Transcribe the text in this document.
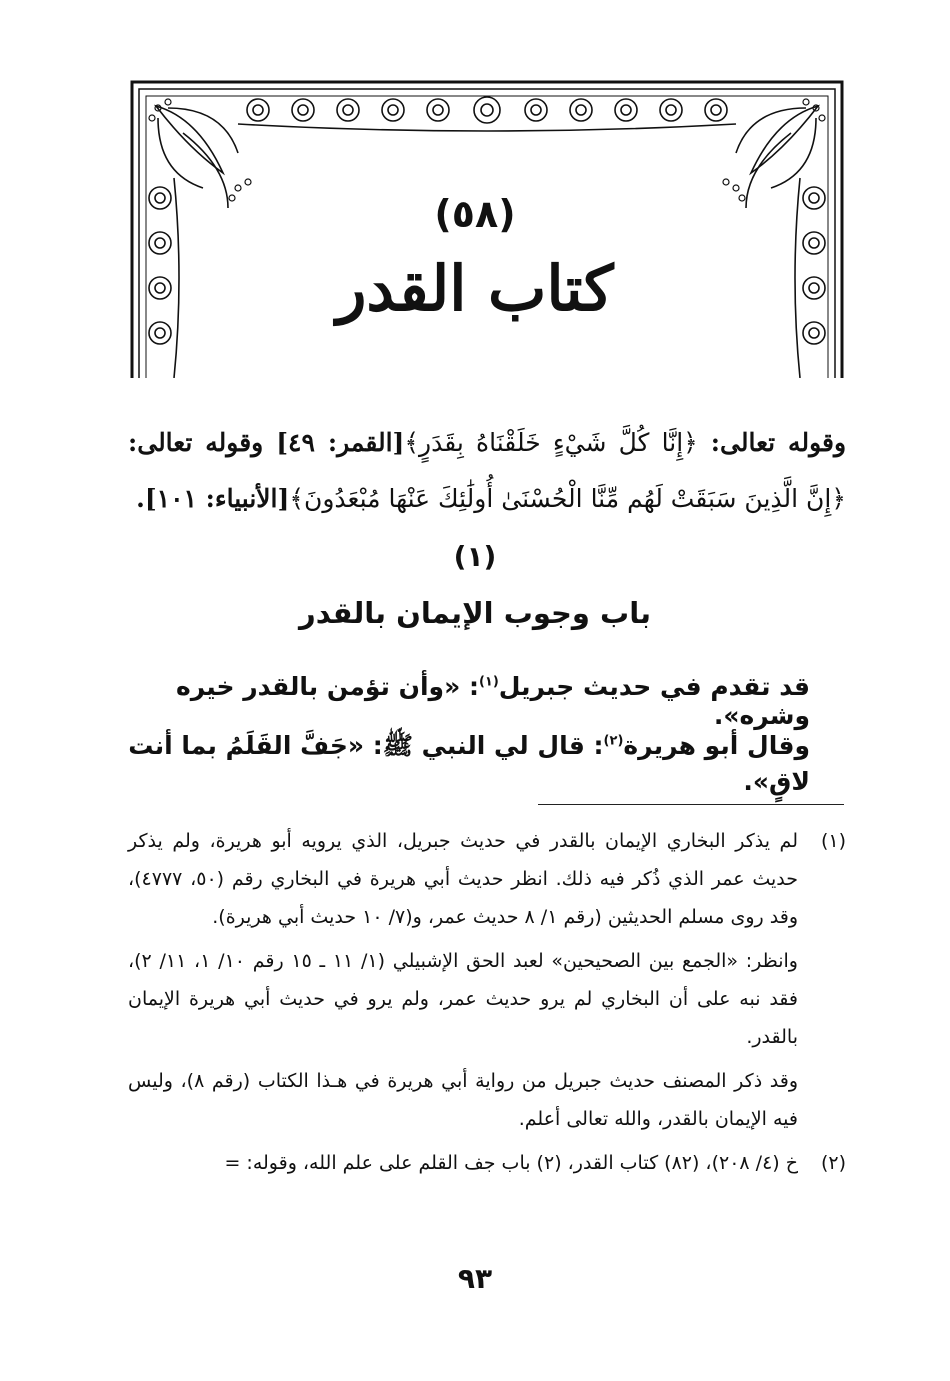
(٥٨)
كتاب القدر
وقوله تعالى: ﴿إِنَّا كُلَّ شَيْءٍ خَلَقْنَاهُ بِقَدَرٍ﴾[القمر: ٤٩] وقوله تعالى: ﴿إِنَّ الَّذِينَ سَبَقَتْ لَهُم مِّنَّا الْحُسْنَىٰ أُولَٰئِكَ عَنْهَا مُبْعَدُونَ﴾[الأنبياء: ١٠١].
(١)
باب وجوب الإيمان بالقدر
قد تقدم في حديث جبريل$^{(١)}$: «وأن تؤمن بالقدر خيره وشره».
وقال أبو هريرة$^{(٢)}$: قال لي النبي ﷺ: «جَفَّ القَلَمُ بما أنت لاقٍ».
(١)

لم يذكر البخاري الإيمان بالقدر في حديث جبريل، الذي يرويه أبو هريرة، ولم يذكر حديث عمر الذي ذُكر فيه ذلك. انظر حديث أبي هريرة في البخاري رقم (٥٠، ٤٧٧٧)، وقد روى مسلم الحديثين (رقم ١/ ٨ حديث عمر، و(٧/ ١٠ حديث أبي هريرة).

وانظر: «الجمع بين الصحيحين» لعبد الحق الإشبيلي (١/ ١١ ـ ١٥ رقم ١٠/ ١، ١١/ ٢)، فقد نبه على أن البخاري لم يرو حديث عمر، ولم يرو في حديث أبي هريرة الإيمان بالقدر.

وقد ذكر المصنف حديث جبريل من رواية أبي هريرة في هـذا الكتاب (رقم ٨)، وليس فيه الإيمان بالقدر، والله تعالى أعلم.

(٢)

خ (٤/ ٢٠٨)، (٨٢) كتاب القدر، (٢) باب جف القلم على علم الله، وقوله: =

٩٣
